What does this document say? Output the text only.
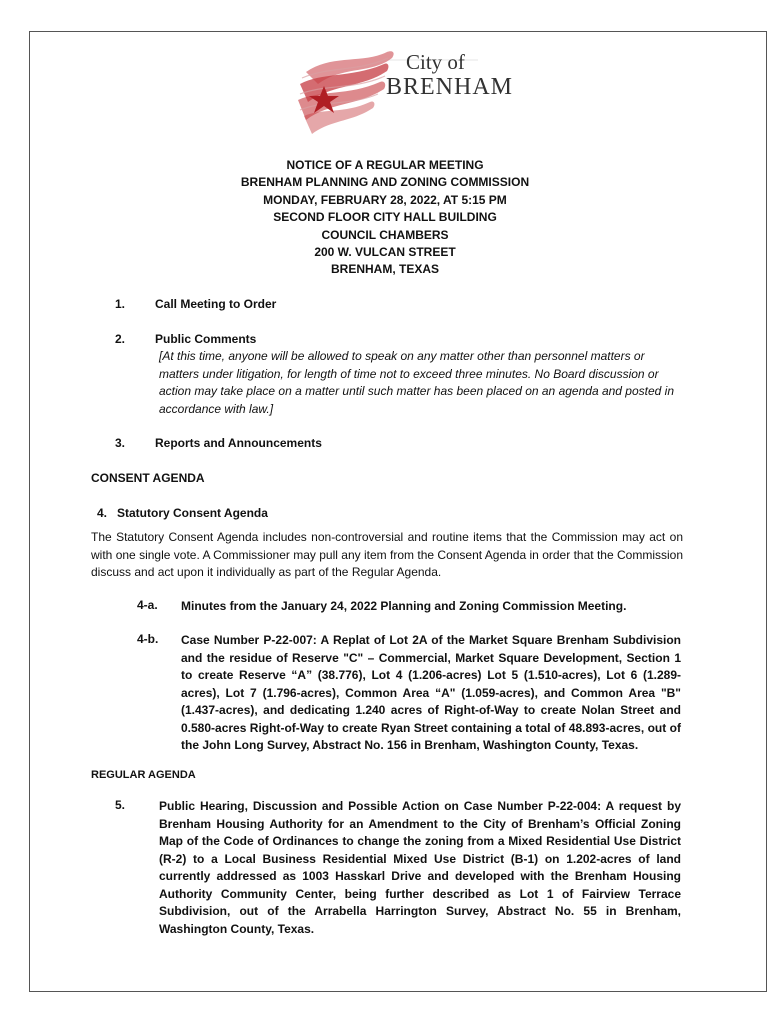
City of
BRENHAM
NOTICE OF A REGULAR MEETING
BRENHAM PLANNING AND ZONING COMMISSION
MONDAY, FEBRUARY 28, 2022, AT 5:15 PM
SECOND FLOOR CITY HALL BUILDING
COUNCIL CHAMBERS
200 W. VULCAN STREET
BRENHAM, TEXAS
1. Call Meeting to Order
2. Public Comments
[At this time, anyone will be allowed to speak on any matter other than personnel matters or matters under litigation, for length of time not to exceed three minutes. No Board discussion or action may take place on a matter until such matter has been placed on an agenda and posted in accordance with law.]
3. Reports and Announcements
CONSENT AGENDA
4.   Statutory Consent Agenda
The Statutory Consent Agenda includes non-controversial and routine items that the Commission may act on with one single vote. A Commissioner may pull any item from the Consent Agenda in order that the Commission discuss and act upon it individually as part of the Regular Agenda.
4-a. Minutes from the January 24, 2022 Planning and Zoning Commission Meeting.
4-b. Case Number P-22-007: A Replat of Lot 2A of the Market Square Brenham Subdivision and the residue of Reserve "C" – Commercial, Market Square Development, Section 1 to create Reserve “A” (38.776), Lot 4 (1.206-acres) Lot 5 (1.510-acres), Lot 6 (1.289-acres), Lot 7 (1.796-acres), Common Area “A" (1.059-acres), and Common Area "B" (1.437-acres), and dedicating 1.240 acres of Right-of-Way to create Nolan Street and 0.580-acres Right-of-Way to create Ryan Street containing a total of 48.893-acres, out of the John Long Survey, Abstract No. 156 in Brenham, Washington County, Texas.
REGULAR AGENDA
5.	Public Hearing, Discussion and Possible Action on Case Number P-22-004: A request by Brenham Housing Authority for an Amendment to the City of Brenham’s Official Zoning Map of the Code of Ordinances to change the zoning from a Mixed Residential Use District (R-2) to a Local Business Residential Mixed Use District (B-1) on 1.202-acres of land currently addressed as 1003 Hasskarl Drive and developed with the Brenham Housing Authority Community Center, being further described as Lot 1 of Fairview Terrace Subdivision, out of the Arrabella Harrington Survey, Abstract No. 55 in Brenham, Washington County, Texas.
